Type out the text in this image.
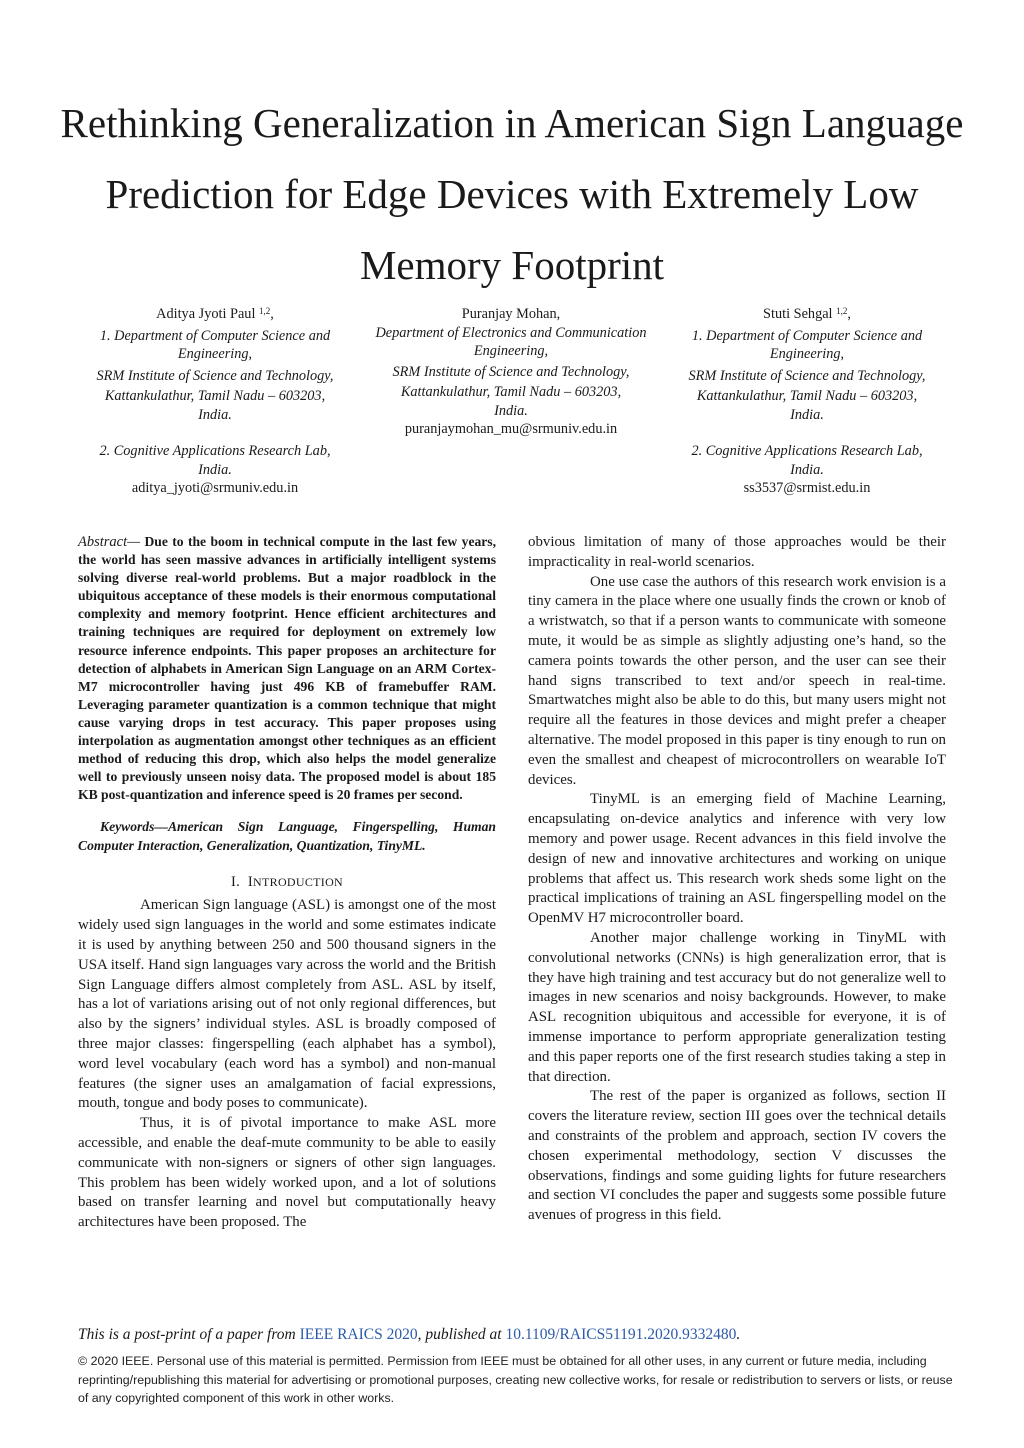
Rethinking Generalization in American Sign Language Prediction for Edge Devices with Extremely Low Memory Footprint
Aditya Jyoti Paul $^{1,2}$,
1. Department of Computer Science and Engineering,
SRM Institute of Science and Technology,
Kattankulathur, Tamil Nadu – 603203,
India.
2. Cognitive Applications Research Lab,
India.
aditya_jyoti@srmuniv.edu.in
Puranjay Mohan,
Department of Electronics and Communication Engineering,
SRM Institute of Science and Technology,
Kattankulathur, Tamil Nadu – 603203,
India.
puranjaymohan_mu@srmuniv.edu.in
Stuti Sehgal $^{1,2}$,
1. Department of Computer Science and Engineering,
SRM Institute of Science and Technology,
Kattankulathur, Tamil Nadu – 603203,
India.
2. Cognitive Applications Research Lab,
India.
ss3537@srmist.edu.in

Abstract— Due to the boom in technical compute in the last few years, the world has seen massive advances in artificially intelligent systems solving diverse real-world problems. But a major roadblock in the ubiquitous acceptance of these models is their enormous computational complexity and memory footprint. Hence efficient architectures and training techniques are required for deployment on extremely low resource inference endpoints. This paper proposes an architecture for detection of alphabets in American Sign Language on an ARM Cortex-M7 microcontroller having just 496 KB of framebuffer RAM. Leveraging parameter quantization is a common technique that might cause varying drops in test accuracy. This paper proposes using interpolation as augmentation amongst other techniques as an efficient method of reducing this drop, which also helps the model generalize well to previously unseen noisy data. The proposed model is about 185 KB post-quantization and inference speed is 20 frames per second.

Keywords—American Sign Language, Fingerspelling, Human Computer Interaction, Generalization, Quantization, TinyML.

I. INTRODUCTION

American Sign language (ASL) is amongst one of the most widely used sign languages in the world and some estimates indicate it is used by anything between 250 and 500 thousand signers in the USA itself. Hand sign languages vary across the world and the British Sign Language differs almost completely from ASL. ASL by itself, has a lot of variations arising out of not only regional differences, but also by the signers’ individual styles. ASL is broadly composed of three major classes: fingerspelling (each alphabet has a symbol), word level vocabulary (each word has a symbol) and non-manual features (the signer uses an amalgamation of facial expressions, mouth, tongue and body poses to communicate).

Thus, it is of pivotal importance to make ASL more accessible, and enable the deaf-mute community to be able to easily communicate with non-signers or signers of other sign languages. This problem has been widely worked upon, and a lot of solutions based on transfer learning and novel but computationally heavy architectures have been proposed. The

obvious limitation of many of those approaches would be their impracticality in real-world scenarios.

One use case the authors of this research work envision is a tiny camera in the place where one usually finds the crown or knob of a wristwatch, so that if a person wants to communicate with someone mute, it would be as simple as slightly adjusting one’s hand, so the camera points towards the other person, and the user can see their hand signs transcribed to text and/or speech in real-time. Smartwatches might also be able to do this, but many users might not require all the features in those devices and might prefer a cheaper alternative. The model proposed in this paper is tiny enough to run on even the smallest and cheapest of microcontrollers on wearable IoT devices.

TinyML is an emerging field of Machine Learning, encapsulating on-device analytics and inference with very low memory and power usage. Recent advances in this field involve the design of new and innovative architectures and working on unique problems that affect us. This research work sheds some light on the practical implications of training an ASL fingerspelling model on the OpenMV H7 microcontroller board.

Another major challenge working in TinyML with convolutional networks (CNNs) is high generalization error, that is they have high training and test accuracy but do not generalize well to images in new scenarios and noisy backgrounds. However, to make ASL recognition ubiquitous and accessible for everyone, it is of immense importance to perform appropriate generalization testing and this paper reports one of the first research studies taking a step in that direction.

The rest of the paper is organized as follows, section II covers the literature review, section III goes over the technical details and constraints of the problem and approach, section IV covers the chosen experimental methodology, section V discusses the observations, findings and some guiding lights for future researchers and section VI concludes the paper and suggests some possible future avenues of progress in this field.

This is a post-print of a paper from IEEE RAICS 2020, published at 10.1109/RAICS51191.2020.9332480.

© 2020 IEEE. Personal use of this material is permitted. Permission from IEEE must be obtained for all other uses, in any current or future media, including reprinting/republishing this material for advertising or promotional purposes, creating new collective works, for resale or redistribution to servers or lists, or reuse of any copyrighted component of this work in other works.
